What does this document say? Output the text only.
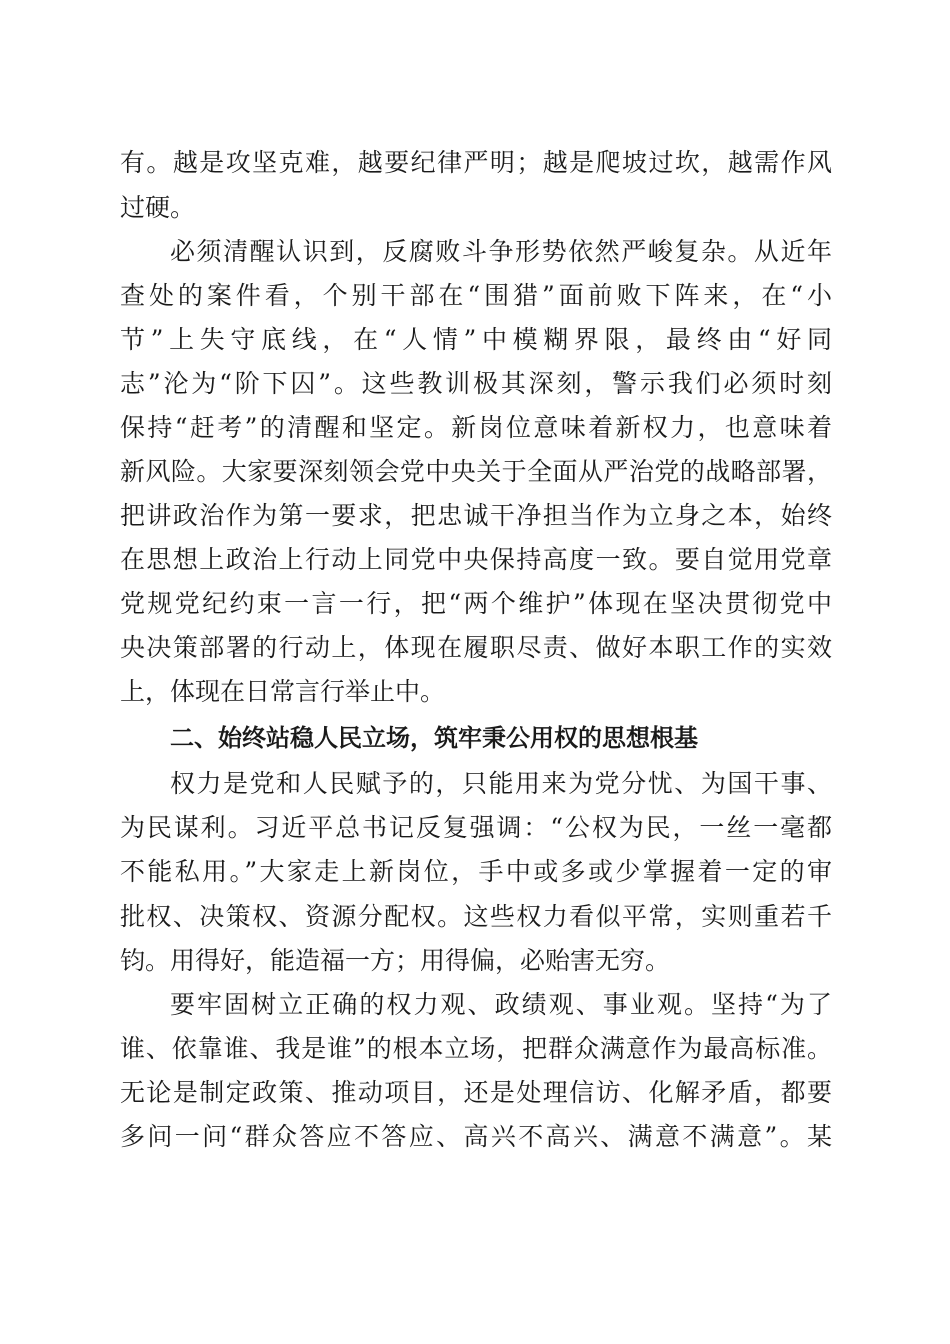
有。越是攻坚克难，越要纪律严明；越是爬坡过坎，越需作风
过硬。
必须清醒认识到，反腐败斗争形势依然严峻复杂。从近年
查处的案件看，个别干部在“围猎”面前败下阵来，在“小
节”上失守底线，在“人情”中模糊界限，最终由“好同
志”沦为“阶下囚”。这些教训极其深刻，警示我们必须时刻
保持“赶考”的清醒和坚定。新岗位意味着新权力，也意味着
新风险。大家要深刻领会党中央关于全面从严治党的战略部署，
把讲政治作为第一要求，把忠诚干净担当作为立身之本，始终
在思想上政治上行动上同党中央保持高度一致。要自觉用党章
党规党纪约束一言一行，把“两个维护”体现在坚决贯彻党中
央决策部署的行动上，体现在履职尽责、做好本职工作的实效
上，体现在日常言行举止中。
二、始终站稳人民立场，筑牢秉公用权的思想根基
权力是党和人民赋予的，只能用来为党分忧、为国干事、
为民谋利。习近平总书记反复强调：“公权为民，一丝一毫都
不能私用。”大家走上新岗位，手中或多或少掌握着一定的审
批权、决策权、资源分配权。这些权力看似平常，实则重若千
钧。用得好，能造福一方；用得偏，必贻害无穷。
要牢固树立正确的权力观、政绩观、事业观。坚持“为了
谁、依靠谁、我是谁”的根本立场，把群众满意作为最高标准。
无论是制定政策、推动项目，还是处理信访、化解矛盾，都要
多问一问“群众答应不答应、高兴不高兴、满意不满意”。某
